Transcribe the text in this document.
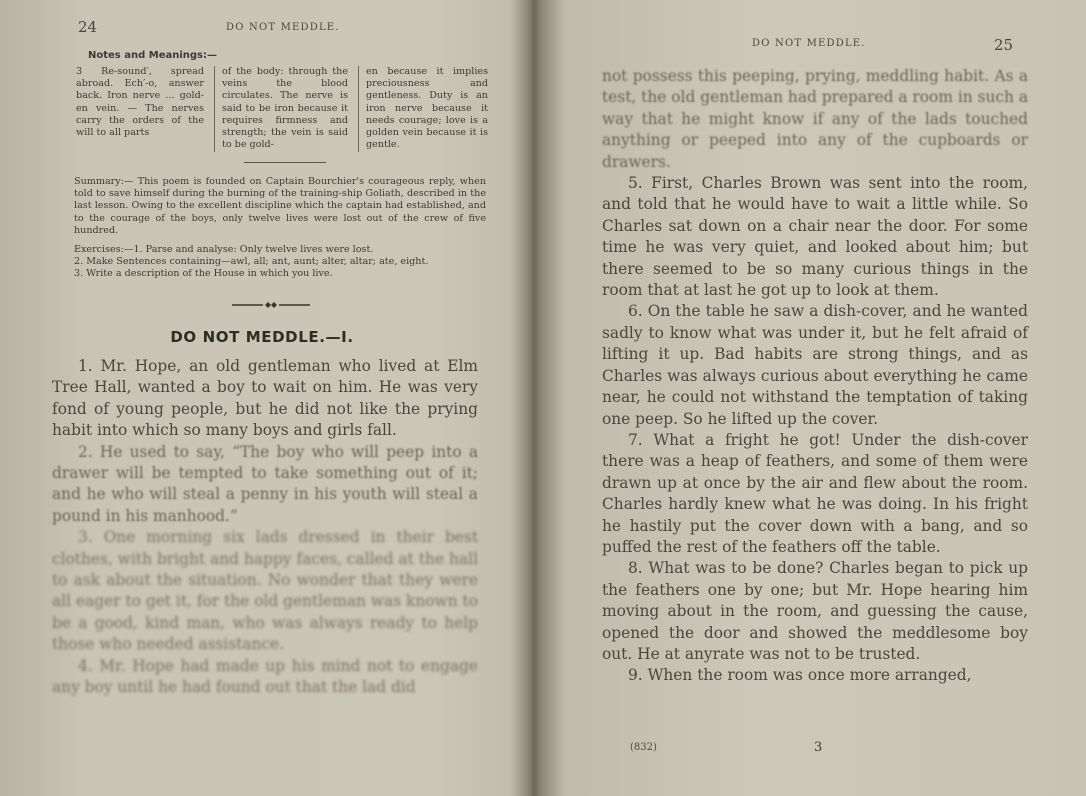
24	DO NOT MEDDLE.
Notes and Meanings:—
3 Re-sound′, spread abroad. Ech′-o, answer back. Iron nerve ... gold-en vein. — The nerves carry the orders of the will to all parts
of the body: through the veins the blood circulates. The nerve is said to be iron because it requires firmness and strength; the vein is said to be gold-
en because it implies preciousness and gentleness. Duty is an iron nerve because it needs courage; love is a golden vein because it is gentle.
Summary:— This poem is founded on Captain Bourchier's courageous reply, when told to save himself during the burning of the training-ship Goliath, described in the last lesson. Owing to the excellent discipline which the captain had established, and to the courage of the boys, only twelve lives were lost out of the crew of five hundred.

Exercises:—1. Parse and analyse: Only twelve lives were lost.

2. Make Sentences containing—awl, all; ant, aunt; alter, altar; ate, eight.

3. Write a description of the House in which you live.

DO NOT MEDDLE.—I.

1. Mr. Hope, an old gentleman who lived at Elm Tree Hall, wanted a boy to wait on him. He was very fond of young people, but he did not like the prying habit into which so many boys and girls fall.

2. He used to say, “The boy who will peep into a drawer will be tempted to take something out of it; and he who will steal a penny in his youth will steal a pound in his manhood.”

3. One morning six lads dressed in their best clothes, with bright and happy faces, called at the hall to ask about the situation. No wonder that they were all eager to get it, for the old gentleman was known to be a good, kind man, who was always ready to help those who needed assistance.

4. Mr. Hope had made up his mind not to engage any boy until he had found out that the lad did

DO NOT MEDDLE.	25

not possess this peeping, prying, meddling habit. As a test, the old gentleman had prepared a room in such a way that he might know if any of the lads touched anything or peeped into any of the cupboards or drawers.

5. First, Charles Brown was sent into the room, and told that he would have to wait a little while. So Charles sat down on a chair near the door. For some time he was very quiet, and looked about him; but there seemed to be so many curious things in the room that at last he got up to look at them.

6. On the table he saw a dish-cover, and he wanted sadly to know what was under it, but he felt afraid of lifting it up. Bad habits are strong things, and as Charles was always curious about everything he came near, he could not withstand the temptation of taking one peep. So he lifted up the cover.

7. What a fright he got! Under the dish-cover there was a heap of feathers, and some of them were drawn up at once by the air and flew about the room. Charles hardly knew what he was doing. In his fright he hastily put the cover down with a bang, and so puffed the rest of the feathers off the table.

8. What was to be done? Charles began to pick up the feathers one by one; but Mr. Hope hearing him moving about in the room, and guessing the cause, opened the door and showed the meddlesome boy out. He at anyrate was not to be trusted.

9. When the room was once more arranged,

(832)	3
